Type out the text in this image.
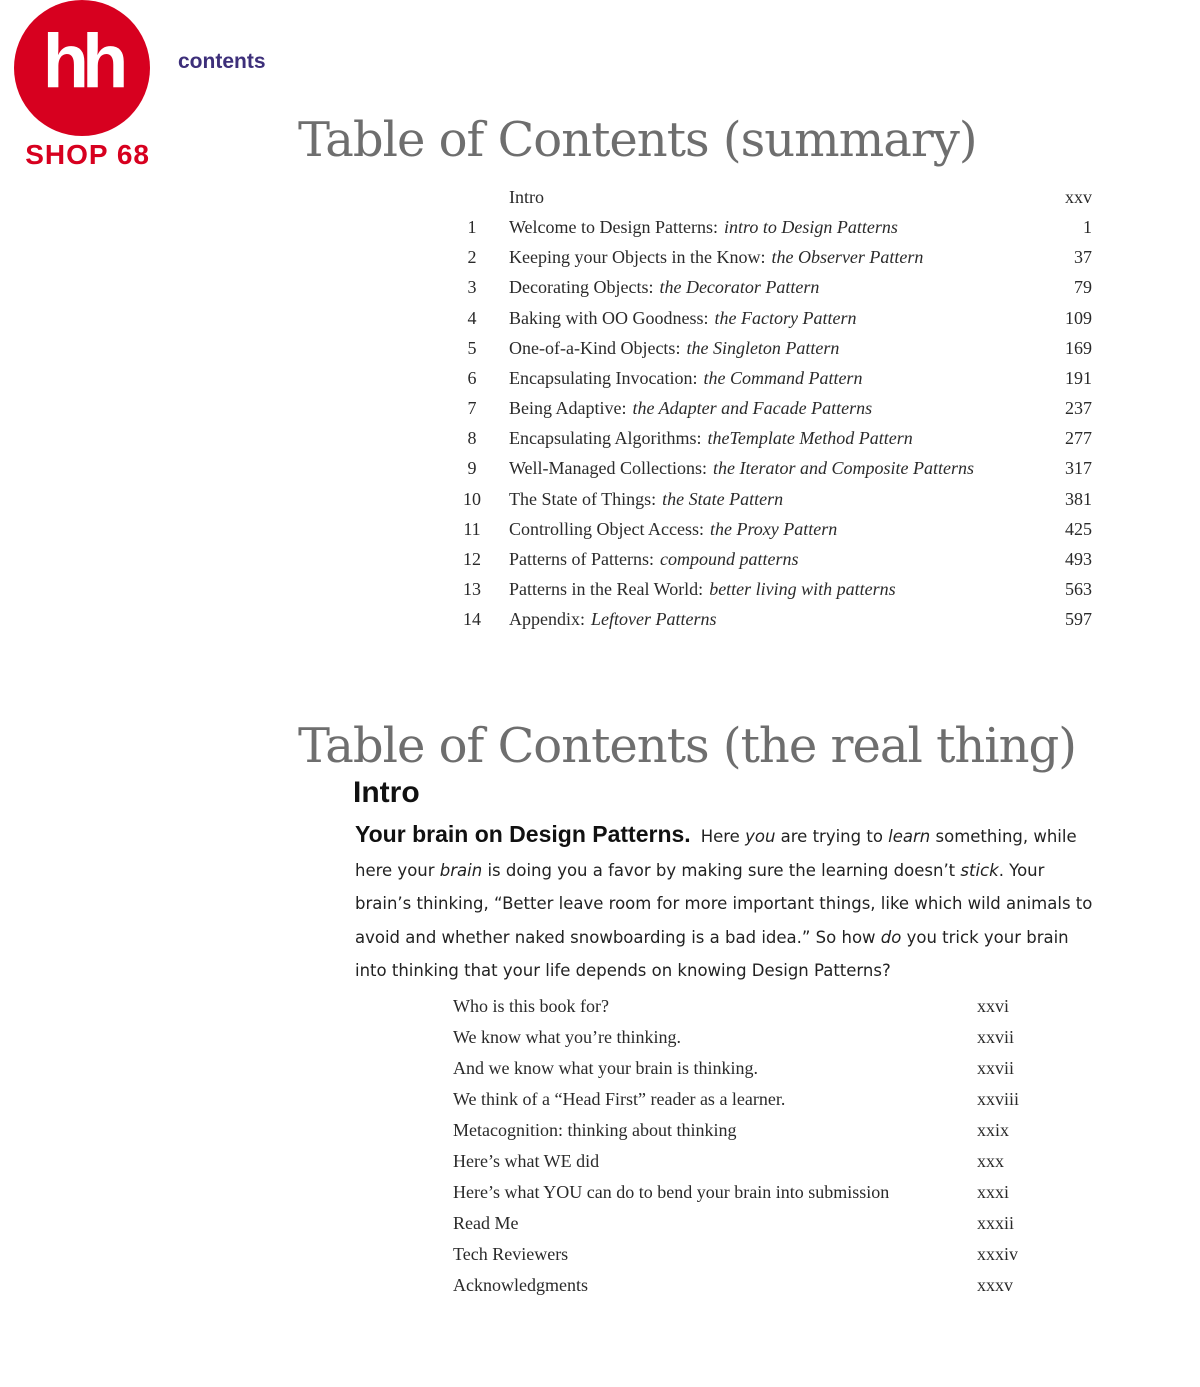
hh
SHOP 68
contents
Table of Contents (summary)
Intro	xxv
1	Welcome to Design Patterns: intro to Design Patterns	1
2	Keeping your Objects in the Know: the Observer Pattern	37
3	Decorating Objects: the Decorator Pattern	79
4	Baking with OO Goodness: the Factory Pattern	109
5	One-of-a-Kind Objects: the Singleton Pattern	169
6	Encapsulating Invocation: the Command Pattern	191
7	Being Adaptive: the Adapter and Facade Patterns	237
8	Encapsulating Algorithms: theTemplate Method Pattern	277
9	Well-Managed Collections: the Iterator and Composite Patterns	317
10 The State of Things: the State Pattern	381
11 Controlling Object Access: the Proxy Pattern	425
12 Patterns of Patterns: compound patterns	493
13 Patterns in the Real World: better living with patterns	563
14 Appendix: Leftover Patterns	597
Table of Contents (the real thing)
Intro
Your brain on Design Patterns. Here you are trying to learn something, while here your brain is doing you a favor by making sure the learning doesn’t stick. Your brain’s thinking, “Better leave room for more important things, like which wild animals to avoid and whether naked snowboarding is a bad idea.” So how do you trick your brain into thinking that your life depends on knowing Design Patterns?
Who is this book for?	xxvi
We know what you’re thinking.	xxvii
And we know what your brain is thinking.	xxvii
We think of a “Head First” reader as a learner.	xxviii
Metacognition: thinking about thinking	xxix
Here’s what WE did	xxx
Here’s what YOU can do to bend your brain into submission	xxxi
Read Me	xxxii
Tech Reviewers	xxxiv
Acknowledgments	xxxv
